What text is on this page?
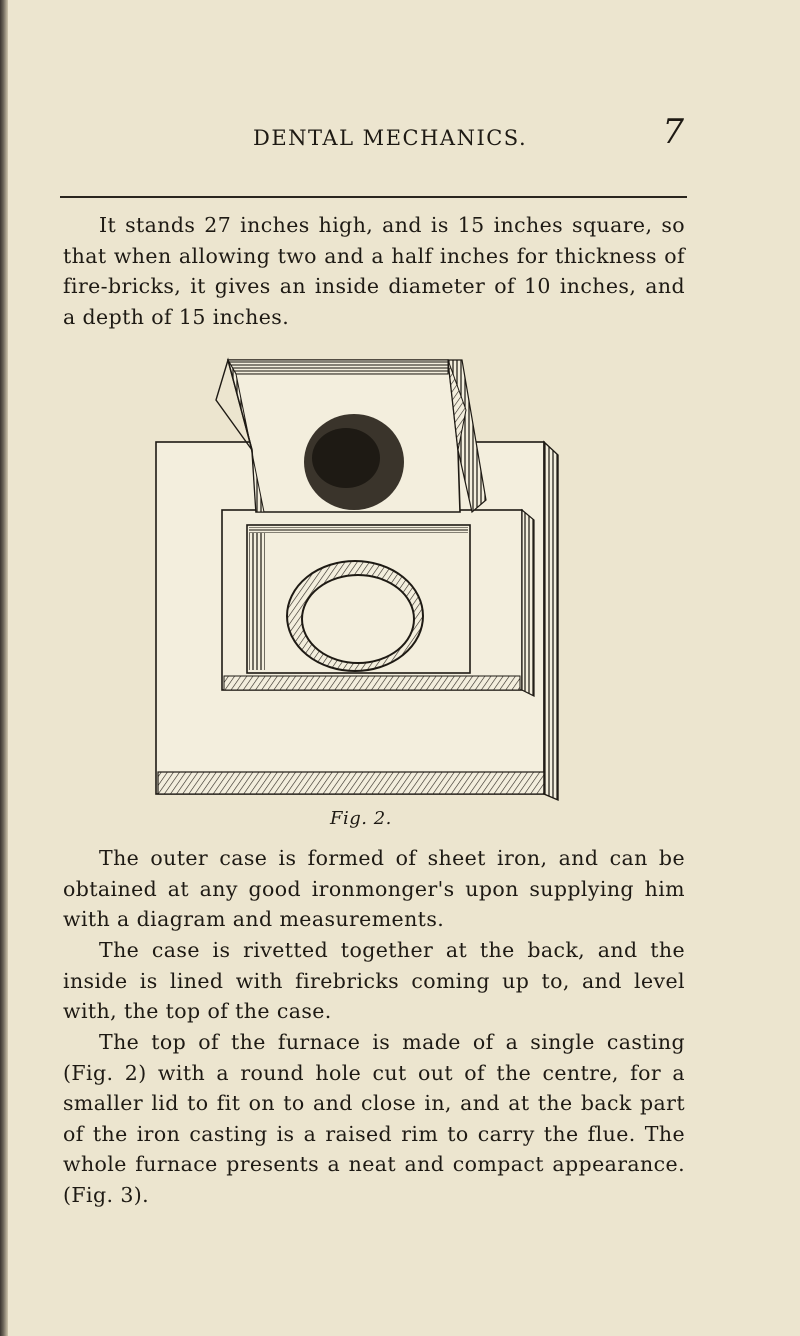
DENTAL MECHANICS.	7

It stands 27 inches high, and is 15 inches square, so that when allowing two and a half inches for thickness of fire-bricks, it gives an inside diameter of 10 inches, and a depth of 15 inches.

Fig. 2.

The outer case is formed of sheet iron, and can be obtained at any good ironmonger's upon supplying him with a diagram and measurements.

The case is rivetted together at the back, and the inside is lined with firebricks coming up to, and level with, the top of the case.

The top of the furnace is made of a single casting (Fig. 2) with a round hole cut out of the centre, for a smaller lid to fit on to and close in, and at the back part of the iron casting is a raised rim to carry the flue. The whole furnace presents a neat and compact appearance. (Fig. 3).
